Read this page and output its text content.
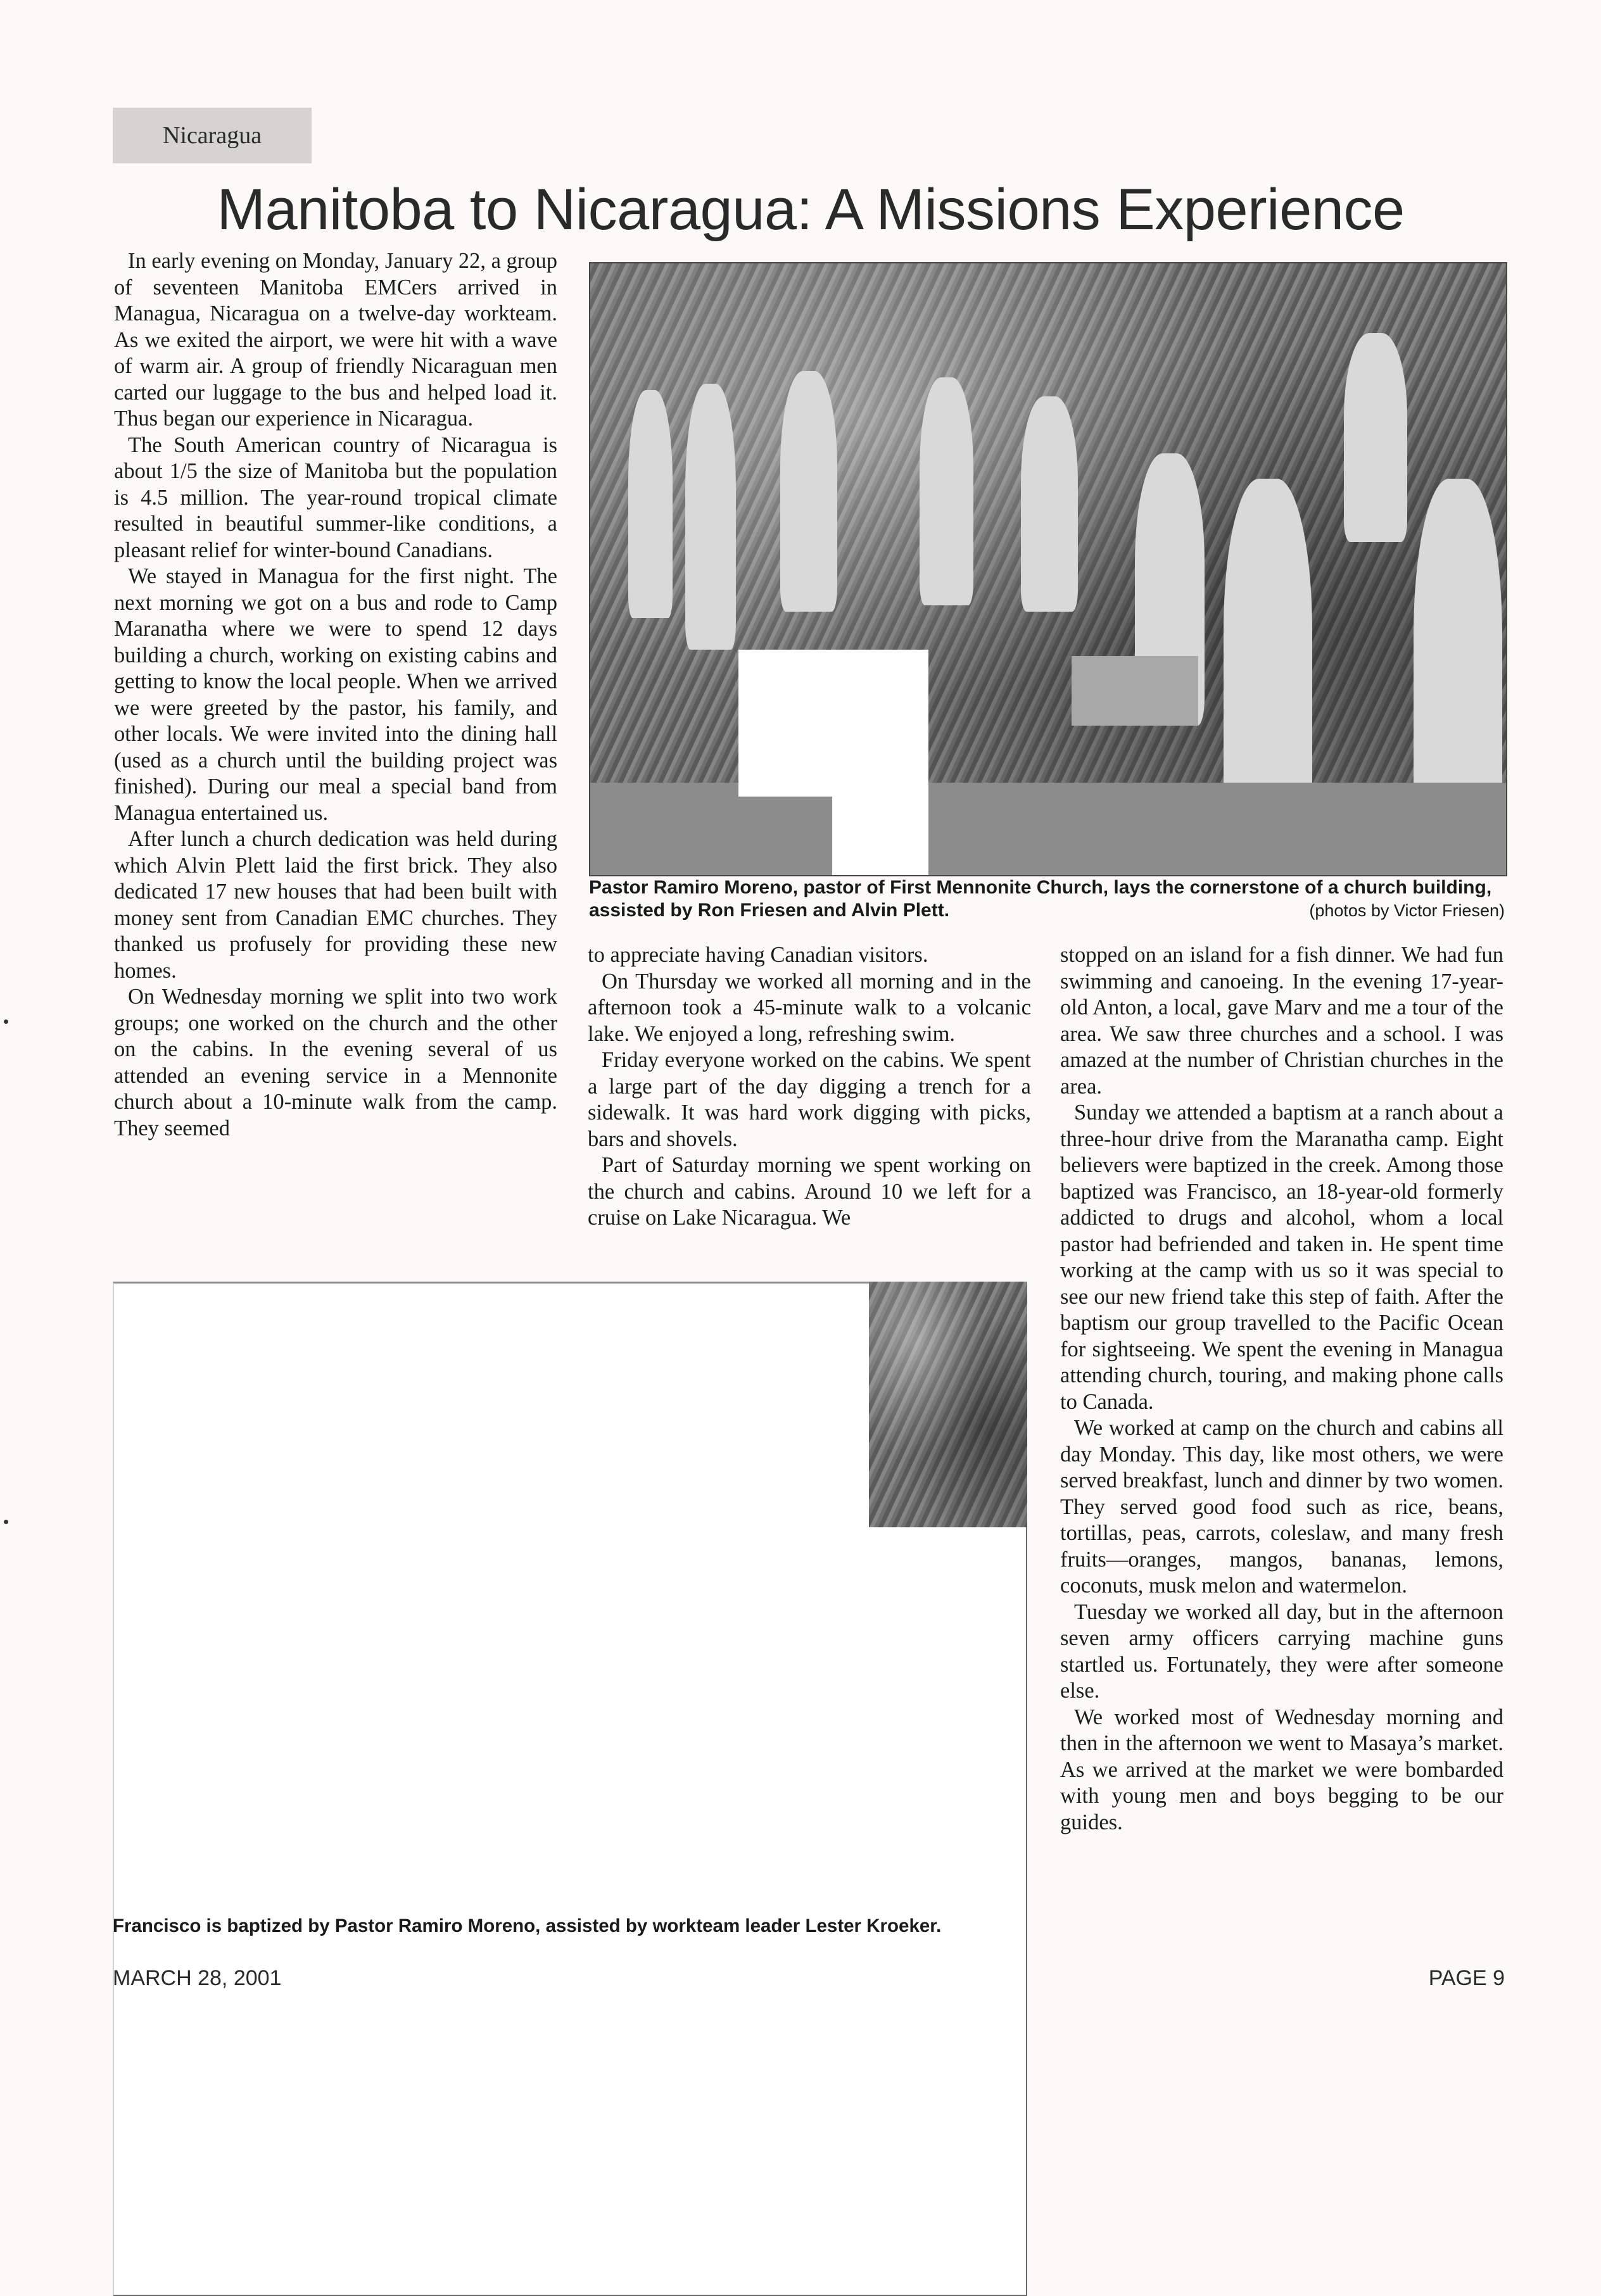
Nicaragua
Manitoba to Nicaragua: A Missions Experience

In early evening on Monday, January 22, a group of seventeen Manitoba EMCers arrived in Managua, Nicaragua on a twelve-day workteam. As we exited the airport, we were hit with a wave of warm air. A group of friendly Nicaraguan men carted our luggage to the bus and helped load it. Thus began our experience in Nicaragua.

The South American country of Nicaragua is about 1/5 the size of Manitoba but the population is 4.5 million. The year-round tropical climate resulted in beautiful summer-like conditions, a pleasant relief for winter-bound Canadians.

We stayed in Managua for the first night. The next morning we got on a bus and rode to Camp Maranatha where we were to spend 12 days building a church, working on existing cabins and getting to know the local people. When we arrived we were greeted by the pastor, his family, and other locals. We were invited into the dining hall (used as a church until the building project was finished). During our meal a special band from Managua entertained us.

After lunch a church dedication was held during which Alvin Plett laid the first brick. They also dedicated 17 new houses that had been built with money sent from Canadian EMC churches. They thanked us profusely for providing these new homes.

On Wednesday morning we split into two work groups; one worked on the church and the other on the cabins. In the evening several of us attended an evening service in a Mennonite church about a 10-minute walk from the camp. They seemed

Pastor Ramiro Moreno, pastor of First Mennonite Church, lays the cornerstone of a church building, assisted by Ron Friesen and Alvin Plett.	(photos by Victor Friesen)

to appreciate having Canadian visitors.

On Thursday we worked all morning and in the afternoon took a 45-minute walk to a volcanic lake. We enjoyed a long, refreshing swim.

Friday everyone worked on the cabins. We spent a large part of the day digging a trench for a sidewalk. It was hard work digging with picks, bars and shovels.

Part of Saturday morning we spent working on the church and cabins. Around 10 we left for a cruise on Lake Nicaragua. We

stopped on an island for a fish dinner. We had fun swimming and canoeing. In the evening 17-year-old Anton, a local, gave Marv and me a tour of the area. We saw three churches and a school. I was amazed at the number of Christian churches in the area.

Sunday we attended a baptism at a ranch about a three-hour drive from the Maranatha camp. Eight believers were baptized in the creek. Among those baptized was Francisco, an 18-year-old formerly addicted to drugs and alcohol, whom a local pastor had befriended and taken in. He spent time working at the camp with us so it was special to see our new friend take this step of faith. After the baptism our group travelled to the Pacific Ocean for sightseeing. We spent the evening in Managua attending church, touring, and making phone calls to Canada.

We worked at camp on the church and cabins all day Monday. This day, like most others, we were served breakfast, lunch and dinner by two women. They served good food such as rice, beans, tortillas, peas, carrots, coleslaw, and many fresh fruits—oranges, mangos, bananas, lemons, coconuts, musk melon and watermelon.

Tuesday we worked all day, but in the afternoon seven army officers carrying machine guns startled us. Fortunately, they were after someone else.

We worked most of Wednesday morning and then in the afternoon we went to Masaya’s market. As we arrived at the market we were bombarded with young men and boys begging to be our guides.

Francisco is baptized by Pastor Ramiro Moreno, assisted by workteam leader Lester Kroeker.
MARCH 28, 2001	PAGE 9
